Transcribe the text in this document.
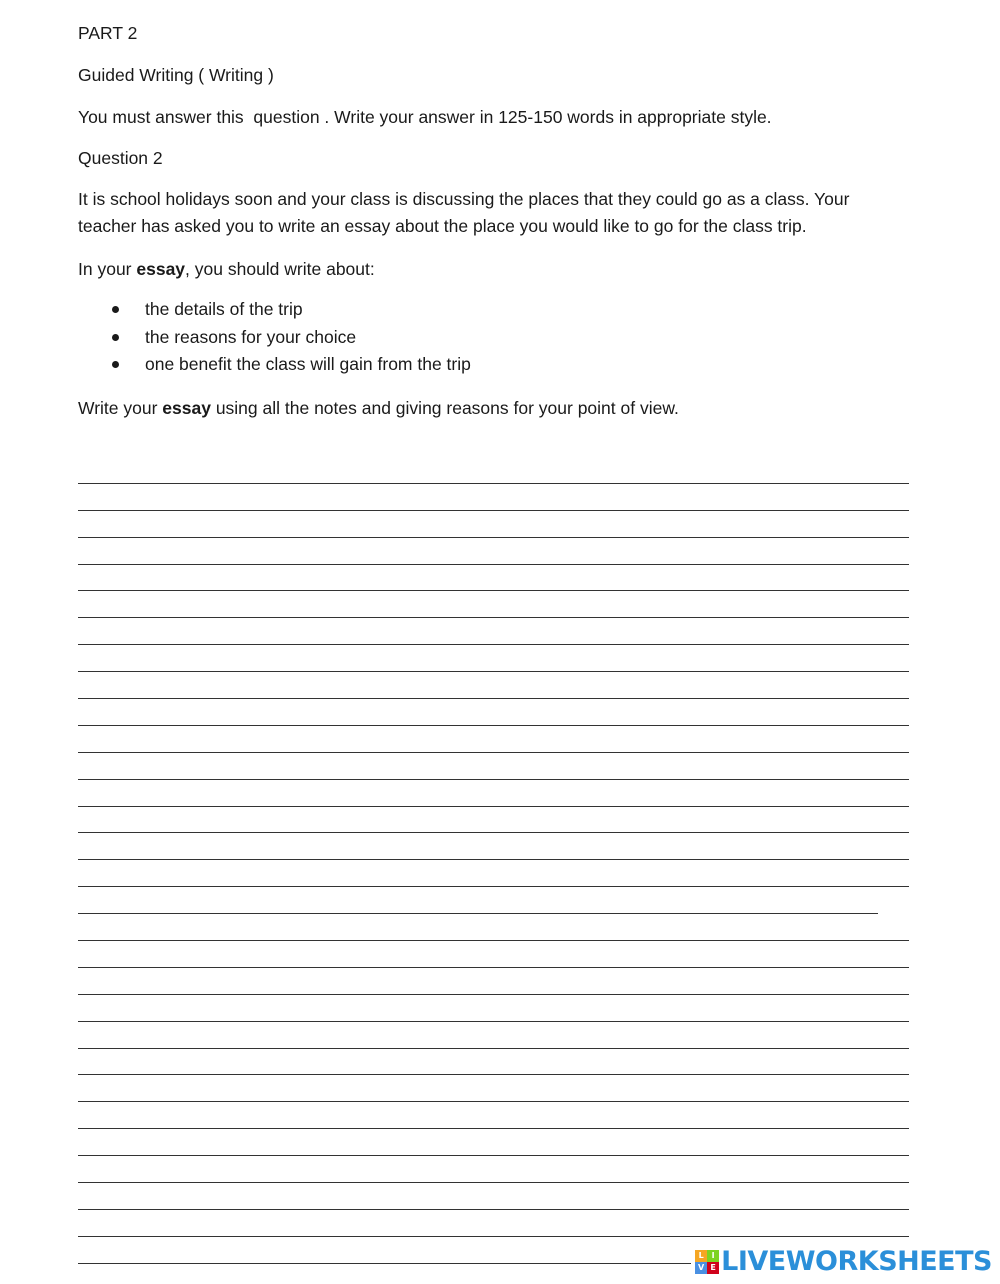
PART 2
Guided Writing ( Writing )
You must answer this  question . Write your answer in 125-150 words in appropriate style.
Question 2
It is school holidays soon and your class is discussing the places that they could go as a class. Your
teacher has asked you to write an essay about the place you would like to go for the class trip.
In your essay, you should write about:
the details of the trip
the reasons for your choice
one benefit the class will gain from the trip
Write your essay using all the notes and giving reasons for your point of view.
L I
V E LIVEWORKSHEETS
